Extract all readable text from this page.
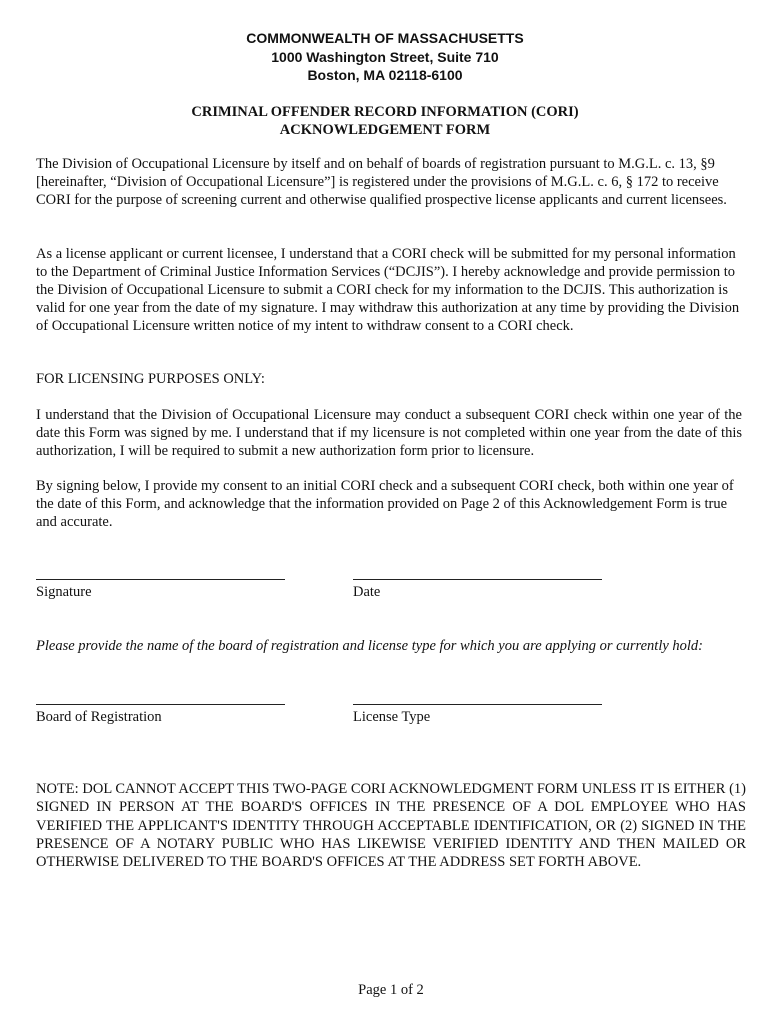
COMMONWEALTH OF MASSACHUSETTS
1000 Washington Street, Suite 710
Boston, MA 02118-6100
CRIMINAL OFFENDER RECORD INFORMATION (CORI)
ACKNOWLEDGEMENT FORM

The Division of Occupational Licensure by itself and on behalf of boards of registration pursuant to M.G.L. c. 13, §9 [hereinafter, “Division of Occupational Licensure”] is registered under the provisions of M.G.L. c. 6, § 172 to receive CORI for the purpose of screening current and otherwise qualified prospective license applicants and current licensees.

As a license applicant or current licensee, I understand that a CORI check will be submitted for my personal information to the Department of Criminal Justice Information Services (“DCJIS”). I hereby acknowledge and provide permission to the Division of Occupational Licensure to submit a CORI check for my information to the DCJIS. This authorization is valid for one year from the date of my signature. I may withdraw this authorization at any time by providing the Division of Occupational Licensure written notice of my intent to withdraw consent to a CORI check.

FOR LICENSING PURPOSES ONLY:

I understand that the Division of Occupational Licensure may conduct a subsequent CORI check within one year of the date this Form was signed by me. I understand that if my licensure is not completed within one year from the date of this authorization, I will be required to submit a new authorization form prior to licensure.

By signing below, I provide my consent to an initial CORI check and a subsequent CORI check, both within one year of the date of this Form, and acknowledge that the information provided on Page 2 of this Acknowledgement Form is true and accurate.

Signature	Date
Please provide the name of the board of registration and license type for which you are applying or currently hold:
Board of Registration	License Type

NOTE: DOL CANNOT ACCEPT THIS TWO-PAGE CORI ACKNOWLEDGMENT FORM UNLESS IT IS EITHER (1) SIGNED IN PERSON AT THE BOARD'S OFFICES IN THE PRESENCE OF A DOL EMPLOYEE WHO HAS VERIFIED THE APPLICANT'S IDENTITY THROUGH ACCEPTABLE IDENTIFICATION, OR (2) SIGNED IN THE PRESENCE OF A NOTARY PUBLIC WHO HAS LIKEWISE VERIFIED IDENTITY AND THEN MAILED OR OTHERWISE DELIVERED TO THE BOARD'S OFFICES AT THE ADDRESS SET FORTH ABOVE.

Page 1 of 2
